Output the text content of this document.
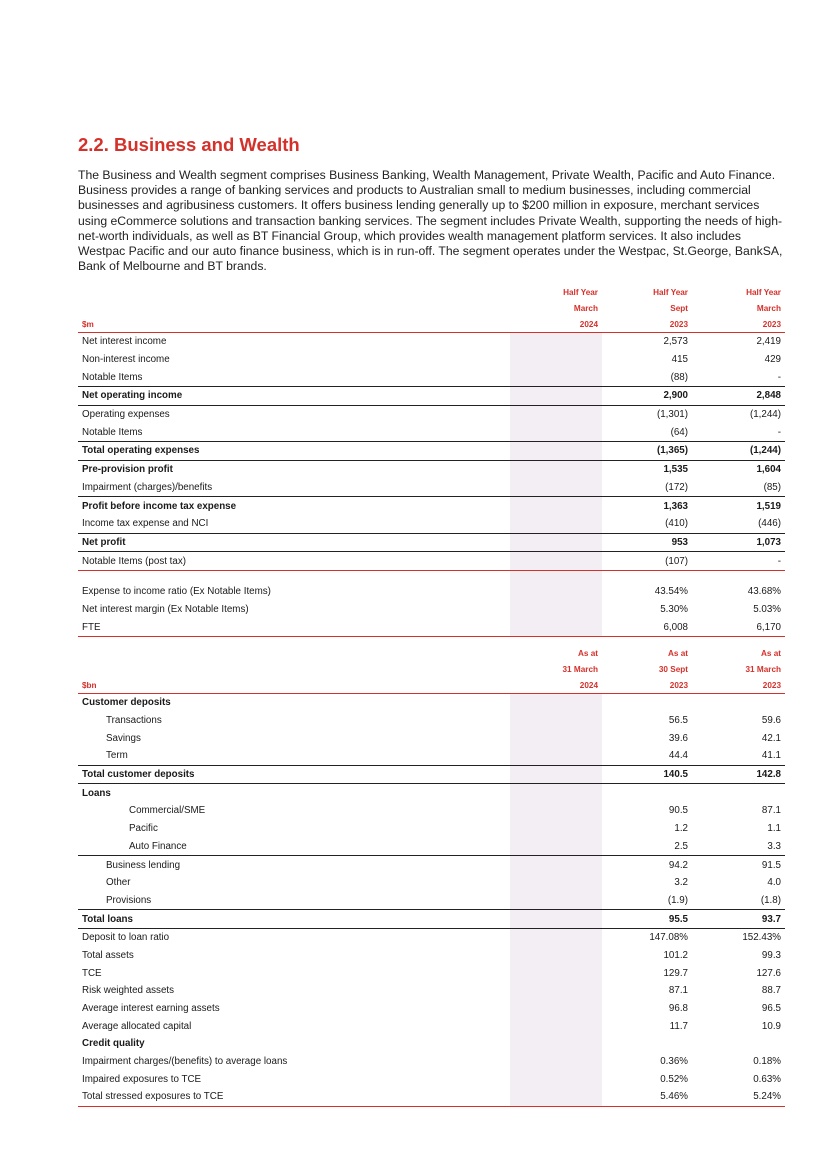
2.2. Business and Wealth

The Business and Wealth segment comprises Business Banking, Wealth Management, Private Wealth, Pacific and Auto Finance. Business provides a range of banking services and products to Australian small to medium businesses, including commercial businesses and agribusiness customers. It offers business lending generally up to $200 million in exposure, merchant services using eCommerce solutions and transaction banking services. The segment includes Private Wealth, supporting the needs of high-net-worth individuals, as well as BT Financial Group, which provides wealth management platform services. It also includes Westpac Pacific and our auto finance business, which is in run-off. The segment operates under the Westpac, St.George, BankSA, Bank of Melbourne and BT brands.

	Half Year	Half Year	Half Year
	March	Sept	March
$m	2024	2023	2023
Net interest income		2,573	2,419
Non-interest income		415	429
Notable Items		(88)	-
Net operating income		2,900	2,848
Operating expenses		(1,301)	(1,244)
Notable Items		(64)	-
Total operating expenses		(1,365)	(1,244)
Pre-provision profit		1,535	1,604
Impairment (charges)/benefits		(172)	(85)
Profit before income tax expense		1,363	1,519
Income tax expense and NCI		(410)	(446)
Net profit		953	1,073
Notable Items (post tax)		(107)	-

Expense to income ratio (Ex Notable Items)		43.54%	43.68%
Net interest margin (Ex Notable Items)		5.30%	5.03%
FTE		6,008	6,170
	As at	As at	As at
	31 March	30 Sept	31 March
$bn	2024	2023	2023
Customer deposits			
Transactions		56.5	59.6
Savings		39.6	42.1
Term		44.4	41.1
Total customer deposits		140.5	142.8
Loans			
Commercial/SME		90.5	87.1
Pacific		1.2	1.1
Auto Finance		2.5	3.3
Business lending		94.2	91.5
Other		3.2	4.0
Provisions		(1.9)	(1.8)
Total loans		95.5	93.7
Deposit to loan ratio		147.08%	152.43%
Total assets		101.2	99.3
TCE		129.7	127.6
Risk weighted assets		87.1	88.7
Average interest earning assets		96.8	96.5
Average allocated capital		11.7	10.9
Credit quality			
Impairment charges/(benefits) to average loans		0.36%	0.18%
Impaired exposures to TCE		0.52%	0.63%
Total stressed exposures to TCE		5.46%	5.24%
